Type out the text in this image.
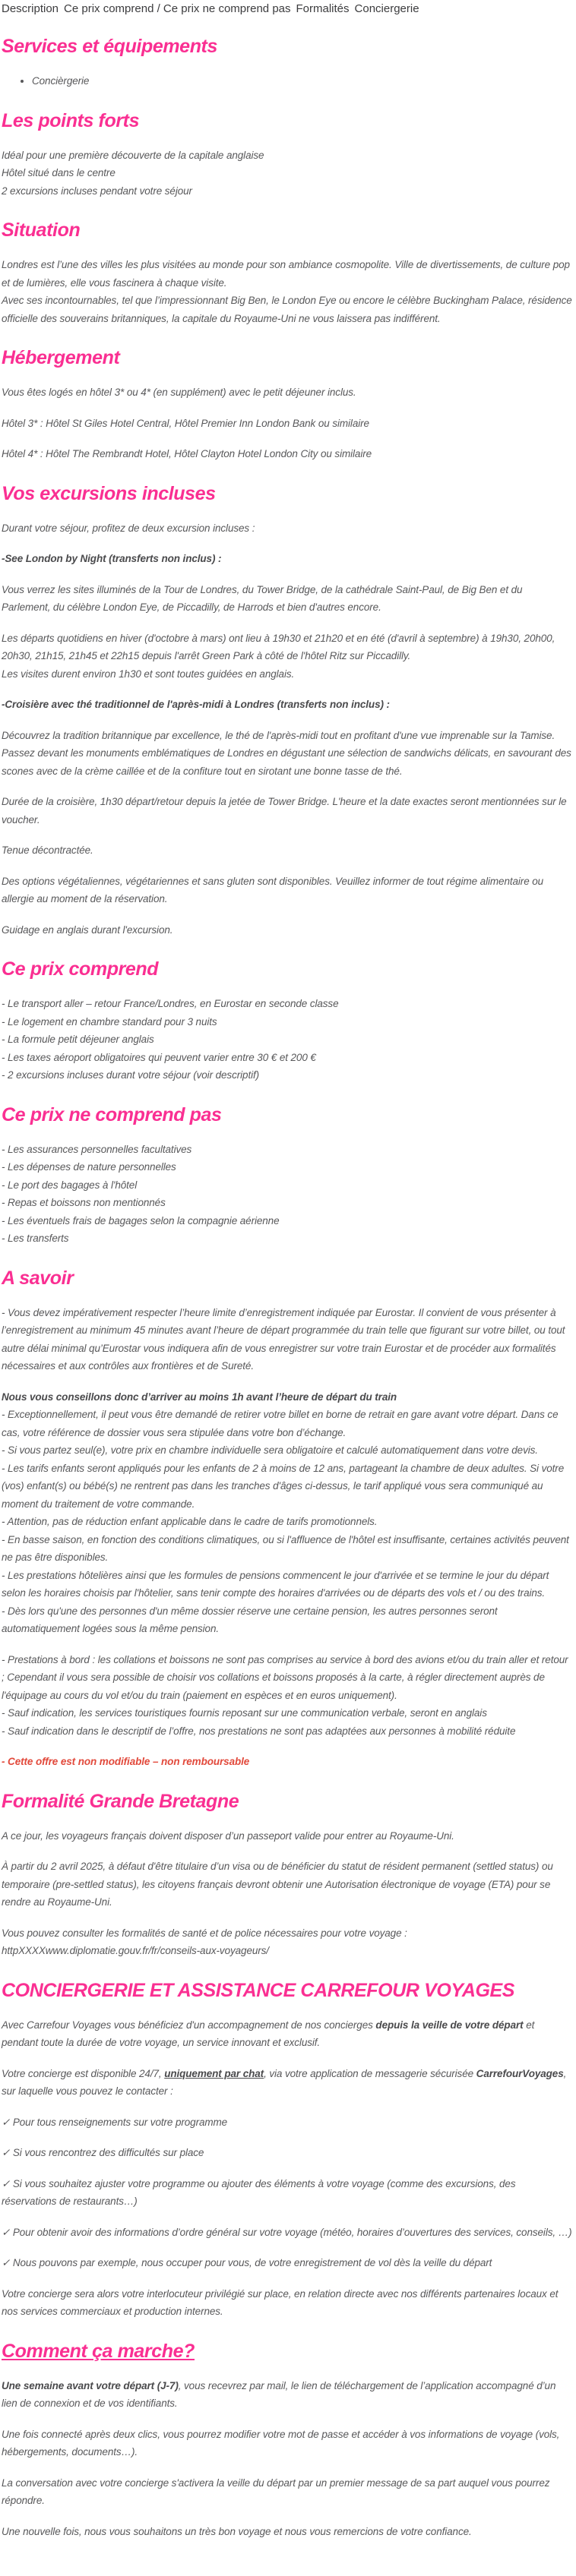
Description Ce prix comprend / Ce prix ne comprend pas Formalités Conciergerie
Services et équipements
• Concièrgerie
Les points forts

Idéal pour une première découverte de la capitale anglaise

Hôtel situé dans le centre

2 excursions incluses pendant votre séjour

Situation

Londres est l’une des villes les plus visitées au monde pour son ambiance cosmopolite. Ville de divertissements, de culture pop et de lumières, elle vous fascinera à chaque visite.

Avec ses incontournables, tel que l’impressionnant Big Ben, le London Eye ou encore le célèbre Buckingham Palace, résidence officielle des souverains britanniques, la capitale du Royaume-Uni ne vous laissera pas indifférent.

Hébergement

Vous êtes logés en hôtel 3* ou 4* (en supplément) avec le petit déjeuner inclus.

Hôtel 3* : Hôtel St Giles Hotel Central, Hôtel Premier Inn London Bank ou similaire

Hôtel 4* : Hôtel The Rembrandt Hotel, Hôtel Clayton Hotel London City ou similaire

Vos excursions incluses

Durant votre séjour, profitez de deux excursion incluses :

-See London by Night (transferts non inclus) :

Vous verrez les sites illuminés de la Tour de Londres, du Tower Bridge, de la cathédrale Saint-Paul, de Big Ben et du Parlement, du célèbre London Eye, de Piccadilly, de Harrods et bien d'autres encore.

Les départs quotidiens en hiver (d'octobre à mars) ont lieu à 19h30 et 21h20 et en été (d'avril à septembre) à 19h30, 20h00, 20h30, 21h15, 21h45 et 22h15 depuis l'arrêt Green Park à côté de l'hôtel Ritz sur Piccadilly.

Les visites durent environ 1h30 et sont toutes guidées en anglais.

-Croisière avec thé traditionnel de l'après-midi à Londres (transferts non inclus) :

Découvrez la tradition britannique par excellence, le thé de l'après-midi tout en profitant d'une vue imprenable sur la Tamise. Passez devant les monuments emblématiques de Londres en dégustant une sélection de sandwichs délicats, en savourant des scones avec de la crème caillée et de la confiture tout en sirotant une bonne tasse de thé.

Durée de la croisière, 1h30 départ/retour depuis la jetée de Tower Bridge. L'heure et la date exactes seront mentionnées sur le voucher.

Tenue décontractée.

Des options végétaliennes, végétariennes et sans gluten sont disponibles. Veuillez informer de tout régime alimentaire ou allergie au moment de la réservation.

Guidage en anglais durant l'excursion.

Ce prix comprend

- Le transport aller – retour France/Londres, en Eurostar en seconde classe

- Le logement en chambre standard pour 3 nuits

- La formule petit déjeuner anglais

- Les taxes aéroport obligatoires qui peuvent varier entre 30 € et 200 €

- 2 excursions incluses durant votre séjour (voir descriptif)

Ce prix ne comprend pas

- Les assurances personnelles facultatives

- Les dépenses de nature personnelles

- Le port des bagages à l'hôtel

- Repas et boissons non mentionnés

- Les éventuels frais de bagages selon la compagnie aérienne

- Les transferts

A savoir

- Vous devez impérativement respecter l’heure limite d’enregistrement indiquée par Eurostar. Il convient de vous présenter à l’enregistrement au minimum 45 minutes avant l’heure de départ programmée du train telle que figurant sur votre billet, ou tout autre délai minimal qu’Eurostar vous indiquera afin de vous enregistrer sur votre train Eurostar et de procéder aux formalités nécessaires et aux contrôles aux frontières et de Sureté.

Nous vous conseillons donc d’arriver au moins 1h avant l’heure de départ du train

- Exceptionnellement, il peut vous être demandé de retirer votre billet en borne de retrait en gare avant votre départ. Dans ce cas, votre référence de dossier vous sera stipulée dans votre bon d’échange.

- Si vous partez seul(e), votre prix en chambre individuelle sera obligatoire et calculé automatiquement dans votre devis.

- Les tarifs enfants seront appliqués pour les enfants de 2 à moins de 12 ans, partageant la chambre de deux adultes. Si votre (vos) enfant(s) ou bébé(s) ne rentrent pas dans les tranches d'âges ci-dessus, le tarif appliqué vous sera communiqué au moment du traitement de votre commande.

- Attention, pas de réduction enfant applicable dans le cadre de tarifs promotionnels.

- En basse saison, en fonction des conditions climatiques, ou si l'affluence de l'hôtel est insuffisante, certaines activités peuvent ne pas être disponibles.

- Les prestations hôtelières ainsi que les formules de pensions commencent le jour d'arrivée et se termine le jour du départ selon les horaires choisis par l'hôtelier, sans tenir compte des horaires d'arrivées ou de départs des vols et / ou des trains.

- Dès lors qu'une des personnes d'un même dossier réserve une certaine pension, les autres personnes seront automatiquement logées sous la même pension.

- Prestations à bord : les collations et boissons ne sont pas comprises au service à bord des avions et/ou du train aller et retour ; Cependant il vous sera possible de choisir vos collations et boissons proposés à la carte, à régler directement auprès de l'équipage au cours du vol et/ou du train (paiement en espèces et en euros uniquement).

- Sauf indication, les services touristiques fournis reposant sur une communication verbale, seront en anglais

- Sauf indication dans le descriptif de l’offre, nos prestations ne sont pas adaptées aux personnes à mobilité réduite

- Cette offre est non modifiable – non remboursable

Formalité Grande Bretagne

A ce jour, les voyageurs français doivent disposer d’un passeport valide pour entrer au Royaume-Uni.

À partir du 2 avril 2025, à défaut d'être titulaire d’un visa ou de bénéficier du statut de résident permanent (settled status) ou temporaire (pre-settled status), les citoyens français devront obtenir une Autorisation électronique de voyage (ETA) pour se rendre au Royaume-Uni.

Vous pouvez consulter les formalités de santé et de police nécessaires pour votre voyage :

httpXXXXwww.diplomatie.gouv.fr/fr/conseils-aux-voyageurs/

CONCIERGERIE ET ASSISTANCE CARREFOUR VOYAGES

Avec Carrefour Voyages vous bénéficiez d'un accompagnement de nos concierges depuis la veille de votre départ et pendant toute la durée de votre voyage, un service innovant et exclusif.

Votre concierge est disponible 24/7, uniquement par chat, via votre application de messagerie sécurisée CarrefourVoyages, sur laquelle vous pouvez le contacter :

✓ Pour tous renseignements sur votre programme

✓ Si vous rencontrez des difficultés sur place

✓ Si vous souhaitez ajuster votre programme ou ajouter des éléments à votre voyage (comme des excursions, des réservations de restaurants…)

✓ Pour obtenir avoir des informations d’ordre général sur votre voyage (météo, horaires d’ouvertures des services, conseils, …)

✓ Nous pouvons par exemple, nous occuper pour vous, de votre enregistrement de vol dès la veille du départ

Votre concierge sera alors votre interlocuteur privilégié sur place, en relation directe avec nos différents partenaires locaux et nos services commerciaux et production internes.

Comment ça marche?

Une semaine avant votre départ (J-7), vous recevrez par mail, le lien de téléchargement de l’application accompagné d’un lien de connexion et de vos identifiants.

Une fois connecté après deux clics, vous pourrez modifier votre mot de passe et accéder à vos informations de voyage (vols, hébergements, documents…).

La conversation avec votre concierge s'activera la veille du départ par un premier message de sa part auquel vous pourrez répondre.

Une nouvelle fois, nous vous souhaitons un très bon voyage et nous vous remercions de votre confiance.
